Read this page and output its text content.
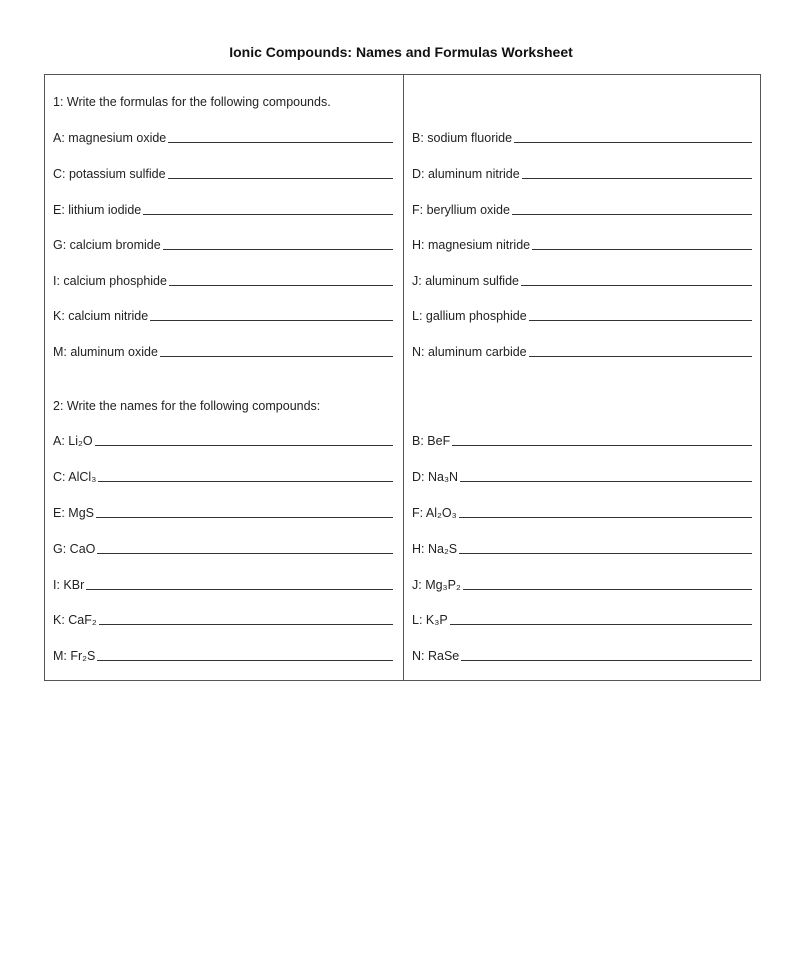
Ionic Compounds: Names and Formulas Worksheet
1: Write the formulas for the following compounds.
A: magnesium oxide	B: sodium fluoride
C: potassium sulfide	D: aluminum nitride
E: lithium iodide	F: beryllium oxide
G: calcium bromide	H: magnesium nitride
I: calcium phosphide	J: aluminum sulfide
K: calcium nitride	L: gallium phosphide
M: aluminum oxide	N: aluminum carbide
2: Write the names for the following compounds:
A: Li₂O	B: BeF
C: AlCl₃	D: Na₃N
E: MgS	F: Al₂O₃
G: CaO	H: Na₂S
I: KBr	J: Mg₃P₂
K: CaF₂	L: K₃P
M: Fr₂S	N: RaSe
